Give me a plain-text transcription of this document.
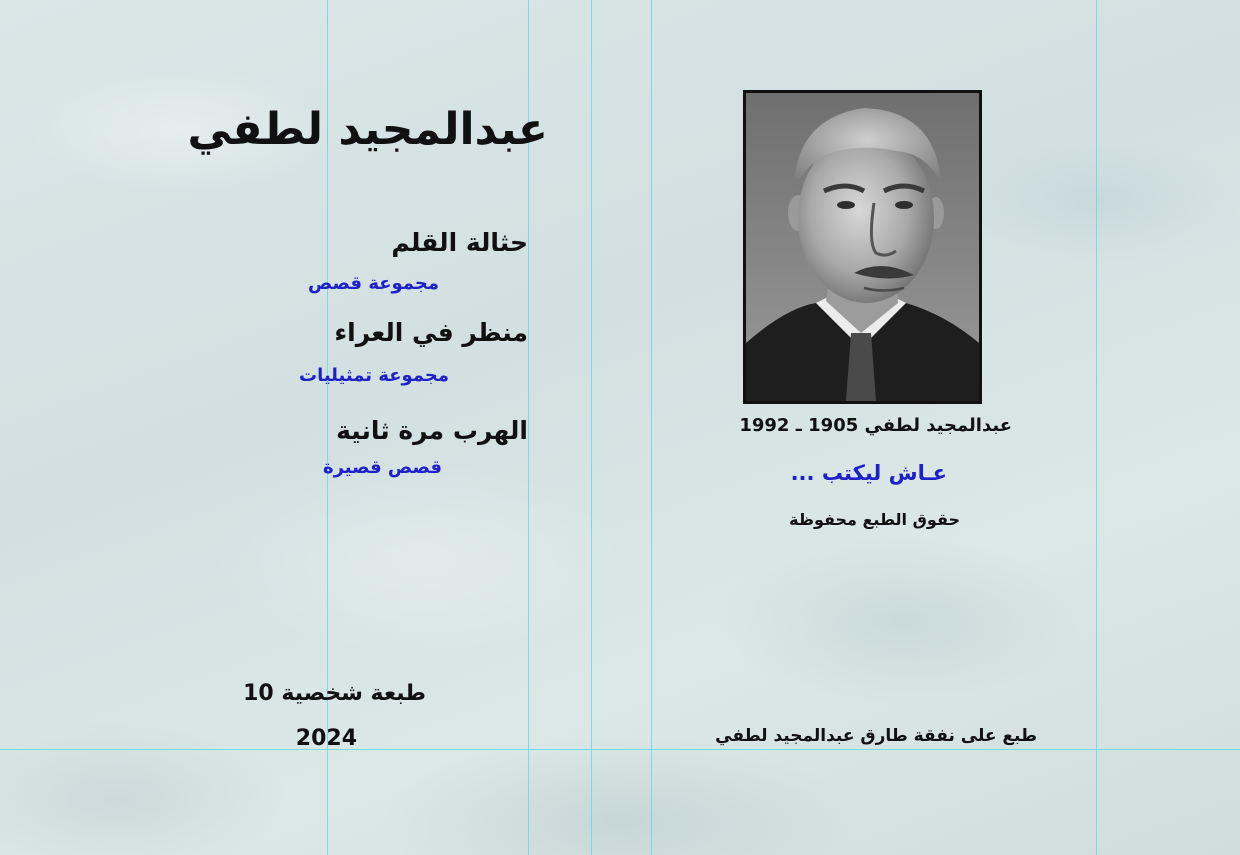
عبدالمجيد لطفي
حثالة القلم
مجموعة قصص
منظر في العراء
مجموعة تمثيليات
الهرب مرة ثانية
قصص قصيرة
طبعة شخصية 10
2024
عبدالمجيد لطفي 1905 ـ 1992
عـاش ليكتب ...
حقوق الطبع محفوظة
طبع على نفقة طارق عبدالمجيد لطفي
